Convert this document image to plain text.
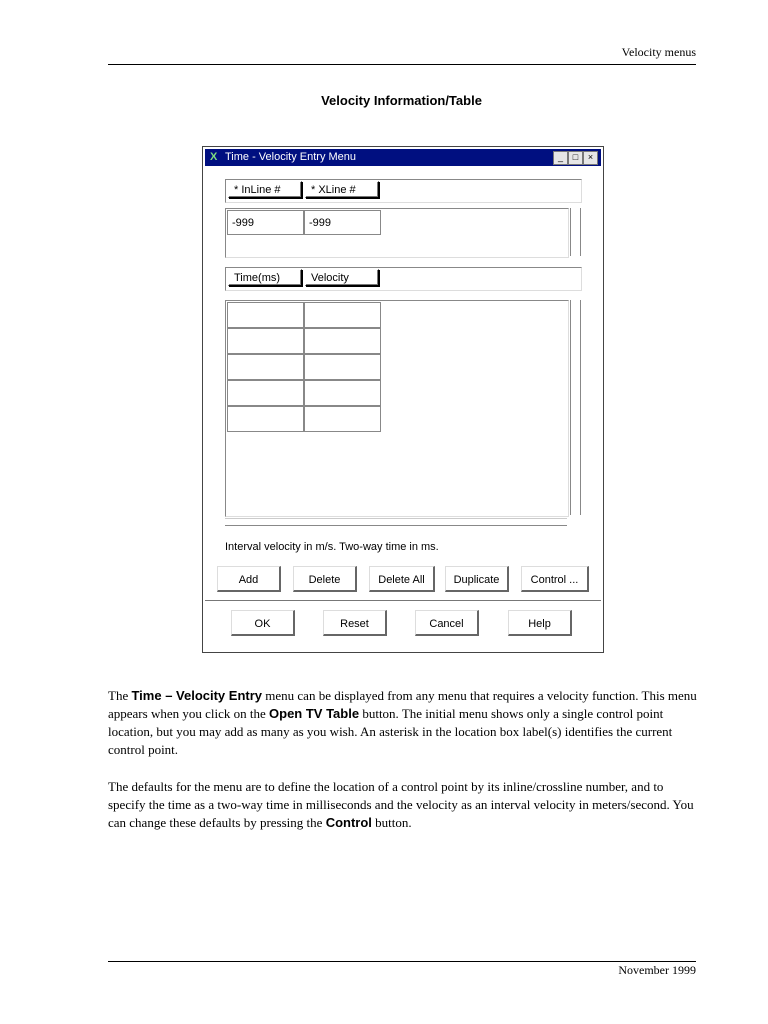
Velocity menus
Velocity Information/Table
X Time - Velocity Entry Menu	_	□	×
* InLine #	* XLine #
-999	-999
Time(ms)	Velocity
Interval velocity in m/s. Two-way time in ms.
Add	Delete	Delete All	Duplicate	Control ...
OK	Reset	Cancel	Help
The Time – Velocity Entry menu can be displayed from any menu that requires a velocity function. This menu appears when you click on the Open TV Table button. The initial menu shows only a single control point location, but you may add as many as you wish. An asterisk in the location box label(s) identifies the current control point.
The defaults for the menu are to define the location of a control point by its inline/crossline number, and to specify the time as a two-way time in milliseconds and the velocity as an interval velocity in meters/second. You can change these defaults by pressing the Control button.
November 1999
